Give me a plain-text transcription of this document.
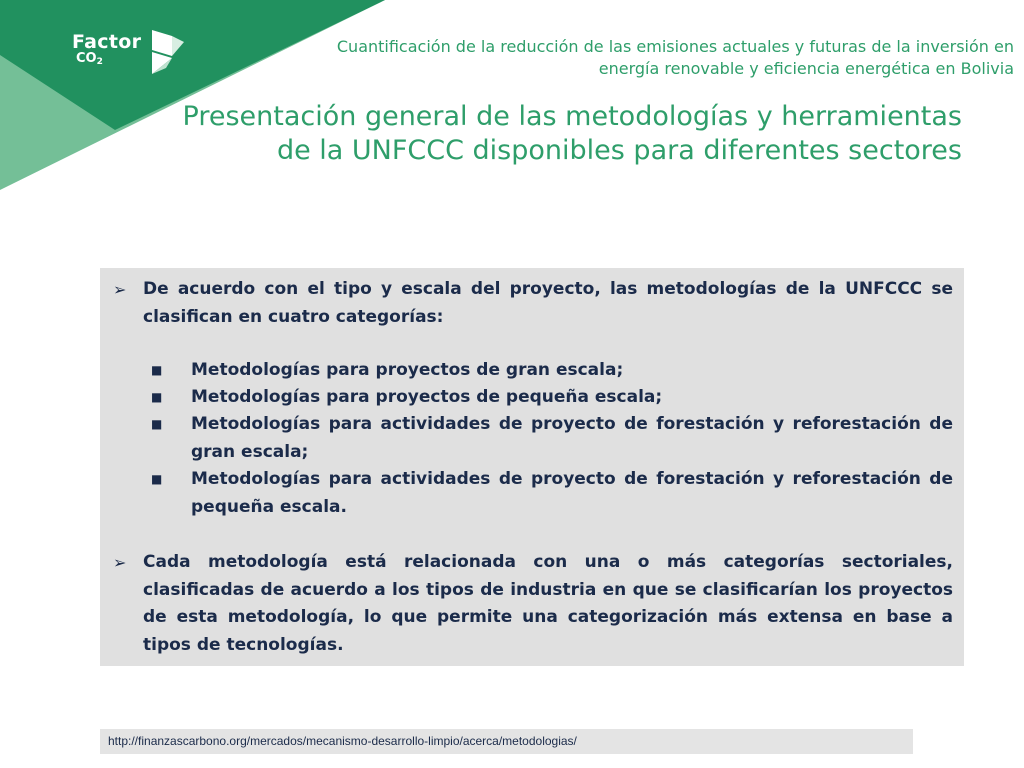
Factor
$CO_2$
Cuantificación de la reducción de las emisiones actuales y futuras de la inversión en
energía renovable y eficiencia energética en Bolivia
Presentación general de las metodologías y herramientas
de la UNFCCC disponibles para diferentes sectores
➢ De acuerdo con el tipo y escala del proyecto, las metodologías de la UNFCCC se clasifican en cuatro categorías:
■	Metodologías para proyectos de gran escala;
■	Metodologías para proyectos de pequeña escala;
■	Metodologías para actividades de proyecto de forestación y reforestación de gran escala;
■	Metodologías para actividades de proyecto de forestación y reforestación de pequeña escala.
➢ Cada metodología está relacionada con una o más categorías sectoriales, clasificadas de acuerdo a los tipos de industria en que se clasificarían los proyectos de esta metodología, lo que permite una categorización más extensa en base a tipos de tecnologías.
http://finanzascarbono.org/mercados/mecanismo-desarrollo-limpio/acerca/metodologias/
